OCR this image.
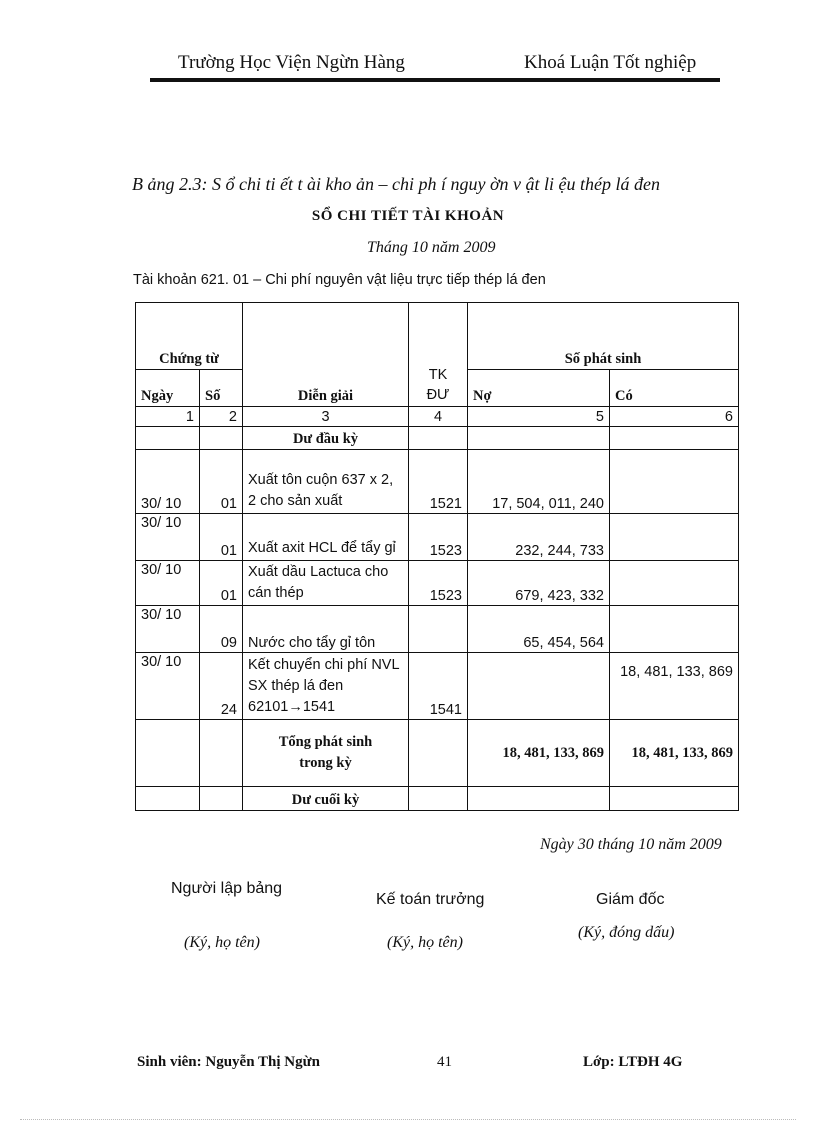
Trường Học Viện Ngừn Hàng	Khoá Luận Tốt nghiệp
B ảng 2.3: S ổ chi ti ết t ài kho ản – chi ph í nguy ờn v ật li ệu thép lá đen
SỔ CHI TIẾT TÀI KHOẢN
Tháng 10 năm 2009
Tài khoản 621. 01 – Chi phí nguyên vật liệu trực tiếp thép lá đen
Chứng từ		Diễn giải	TK ĐƯ	Số phát sinh	
Ngày	Số			Nợ	Có
1	2	3	4	5	6
		Dư đầu kỳ			
30/ 10	01	Xuất tôn cuộn 637 x 2, 2 cho sản xuất	1521	17, 504, 011, 240	
30/ 10	01	Xuất axit HCL để tẩy gỉ	1523	232, 244, 733	
30/ 10	01	Xuất dầu Lactuca cho cán thép	1523	679, 423, 332	
30/ 10	09	Nước cho tẩy gỉ tôn		65, 454, 564	
30/ 10	24	Kết chuyển chi phí NVL SX thép lá đen 62101→1541	1541		18, 481, 133, 869
		Tổng phát sinh trong kỳ		18, 481, 133, 869	18, 481, 133, 869
		Dư cuối kỳ			
Ngày 30 tháng 10 năm 2009
Người lập bảng
(Ký, họ tên)
Kế toán trưởng
(Ký, họ tên)
Giám đốc
(Ký, đóng dấu)
Sinh viên: Nguyễn Thị Ngừn	41	Lớp: LTĐH 4G
